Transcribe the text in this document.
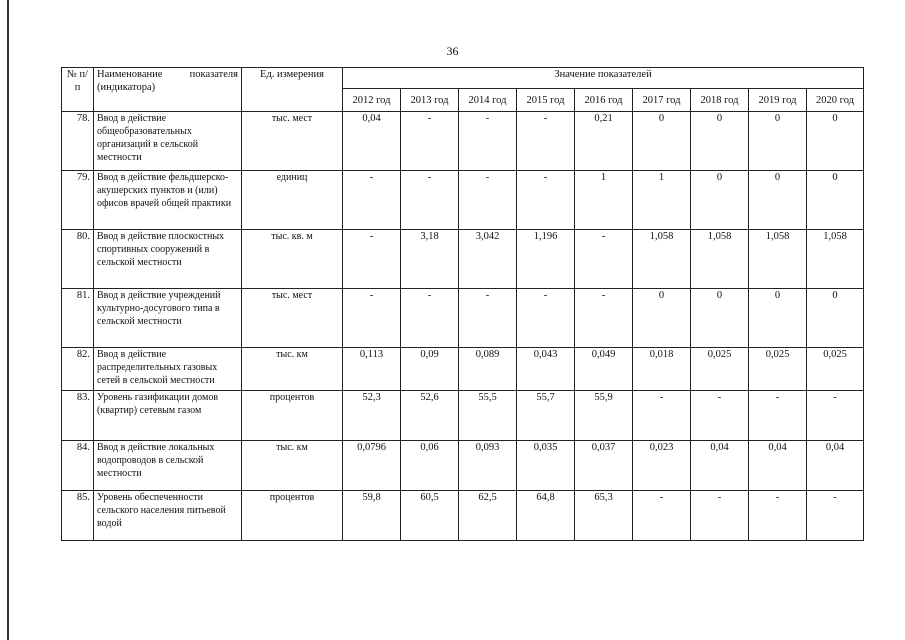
36
№ п/п	Наименование показателя (индикатора)	Ед. измерения	Значение показателей								
			2012 год	2013 год	2014 год	2015 год	2016 год	2017 год	2018 год	2019 год	2020 год
78.	Ввод в действие общеобразовательных организаций в сельской местности	тыс. мест	0,04	-	-	-	0,21	0	0	0	0
79.	Ввод в действие фельдшерско-акушерских пунктов и (или) офисов врачей общей практики	единиц	-	-	-	-	1	1	0	0	0
80.	Ввод в действие плоскостных спортивных сооружений в сельской местности	тыс. кв. м	-	3,18	3,042	1,196	-	1,058	1,058	1,058	1,058
81.	Ввод в действие учреждений культурно-досугового типа в сельской местности	тыс. мест	-	-	-	-	-	0	0	0	0
82.	Ввод в действие распределительных газовых сетей в сельской местности	тыс. км	0,113	0,09	0,089	0,043	0,049	0,018	0,025	0,025	0,025
83.	Уровень газификации домов (квартир) сетевым газом	процентов	52,3	52,6	55,5	55,7	55,9	-	-	-	-
84.	Ввод в действие локальных водопроводов в сельской местности	тыс. км	0,0796	0,06	0,093	0,035	0,037	0,023	0,04	0,04	0,04
85.	Уровень обеспеченности сельского населения питьевой водой	процентов	59,8	60,5	62,5	64,8	65,3	-	-	-	-
